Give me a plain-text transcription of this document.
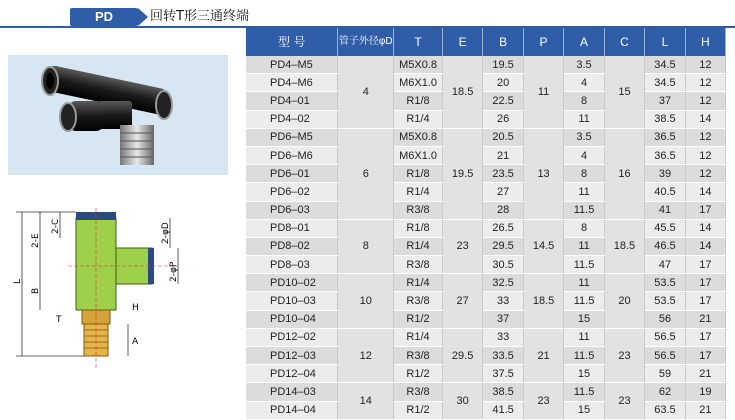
PD	回转T形三通终端
L
2-E
2-C
B
2-φD
2-φP
T
H
A
型 号	管子外径φD	T	E	B	P	A	C	L	H
PD4–M5	4	M5X0.8	18.5	19.5	11	3.5	15	34.5	12
PD4–M6		M6X1.0		20		4		34.5	12
PD4–01		R1/8		22.5		8		37	12
PD4–02		R1/4		26		11		38.5	14
PD6–M5	6	M5X0.8	19.5	20.5	13	3.5	16	36.5	12
PD6–M6		M6X1.0		21		4		36.5	12
PD6–01		R1/8		23.5		8		39	12
PD6–02		R1/4		27		11		40.5	14
PD6–03		R3/8		28		11.5		41	17
PD8–01	8	R1/8	23	26.5	14.5	8	18.5	45.5	14
PD8–02		R1/4		29.5		11		46.5	14
PD8–03		R3/8		30.5		11.5		47	17
PD10–02	10	R1/4	27	32.5	18.5	11	20	53.5	17
PD10–03		R3/8		33		11.5		53.5	17
PD10–04		R1/2		37		15		56	21
PD12–02	12	R1/4	29.5	33	21	11	23	56.5	17
PD12–03		R3/8		33.5		11.5		56.5	17
PD12–04		R1/2		37.5		15		59	21
PD14–03	14	R3/8	30	38.5	23	11.5	23	62	19
PD14–04		R1/2		41.5		15		63.5	21
